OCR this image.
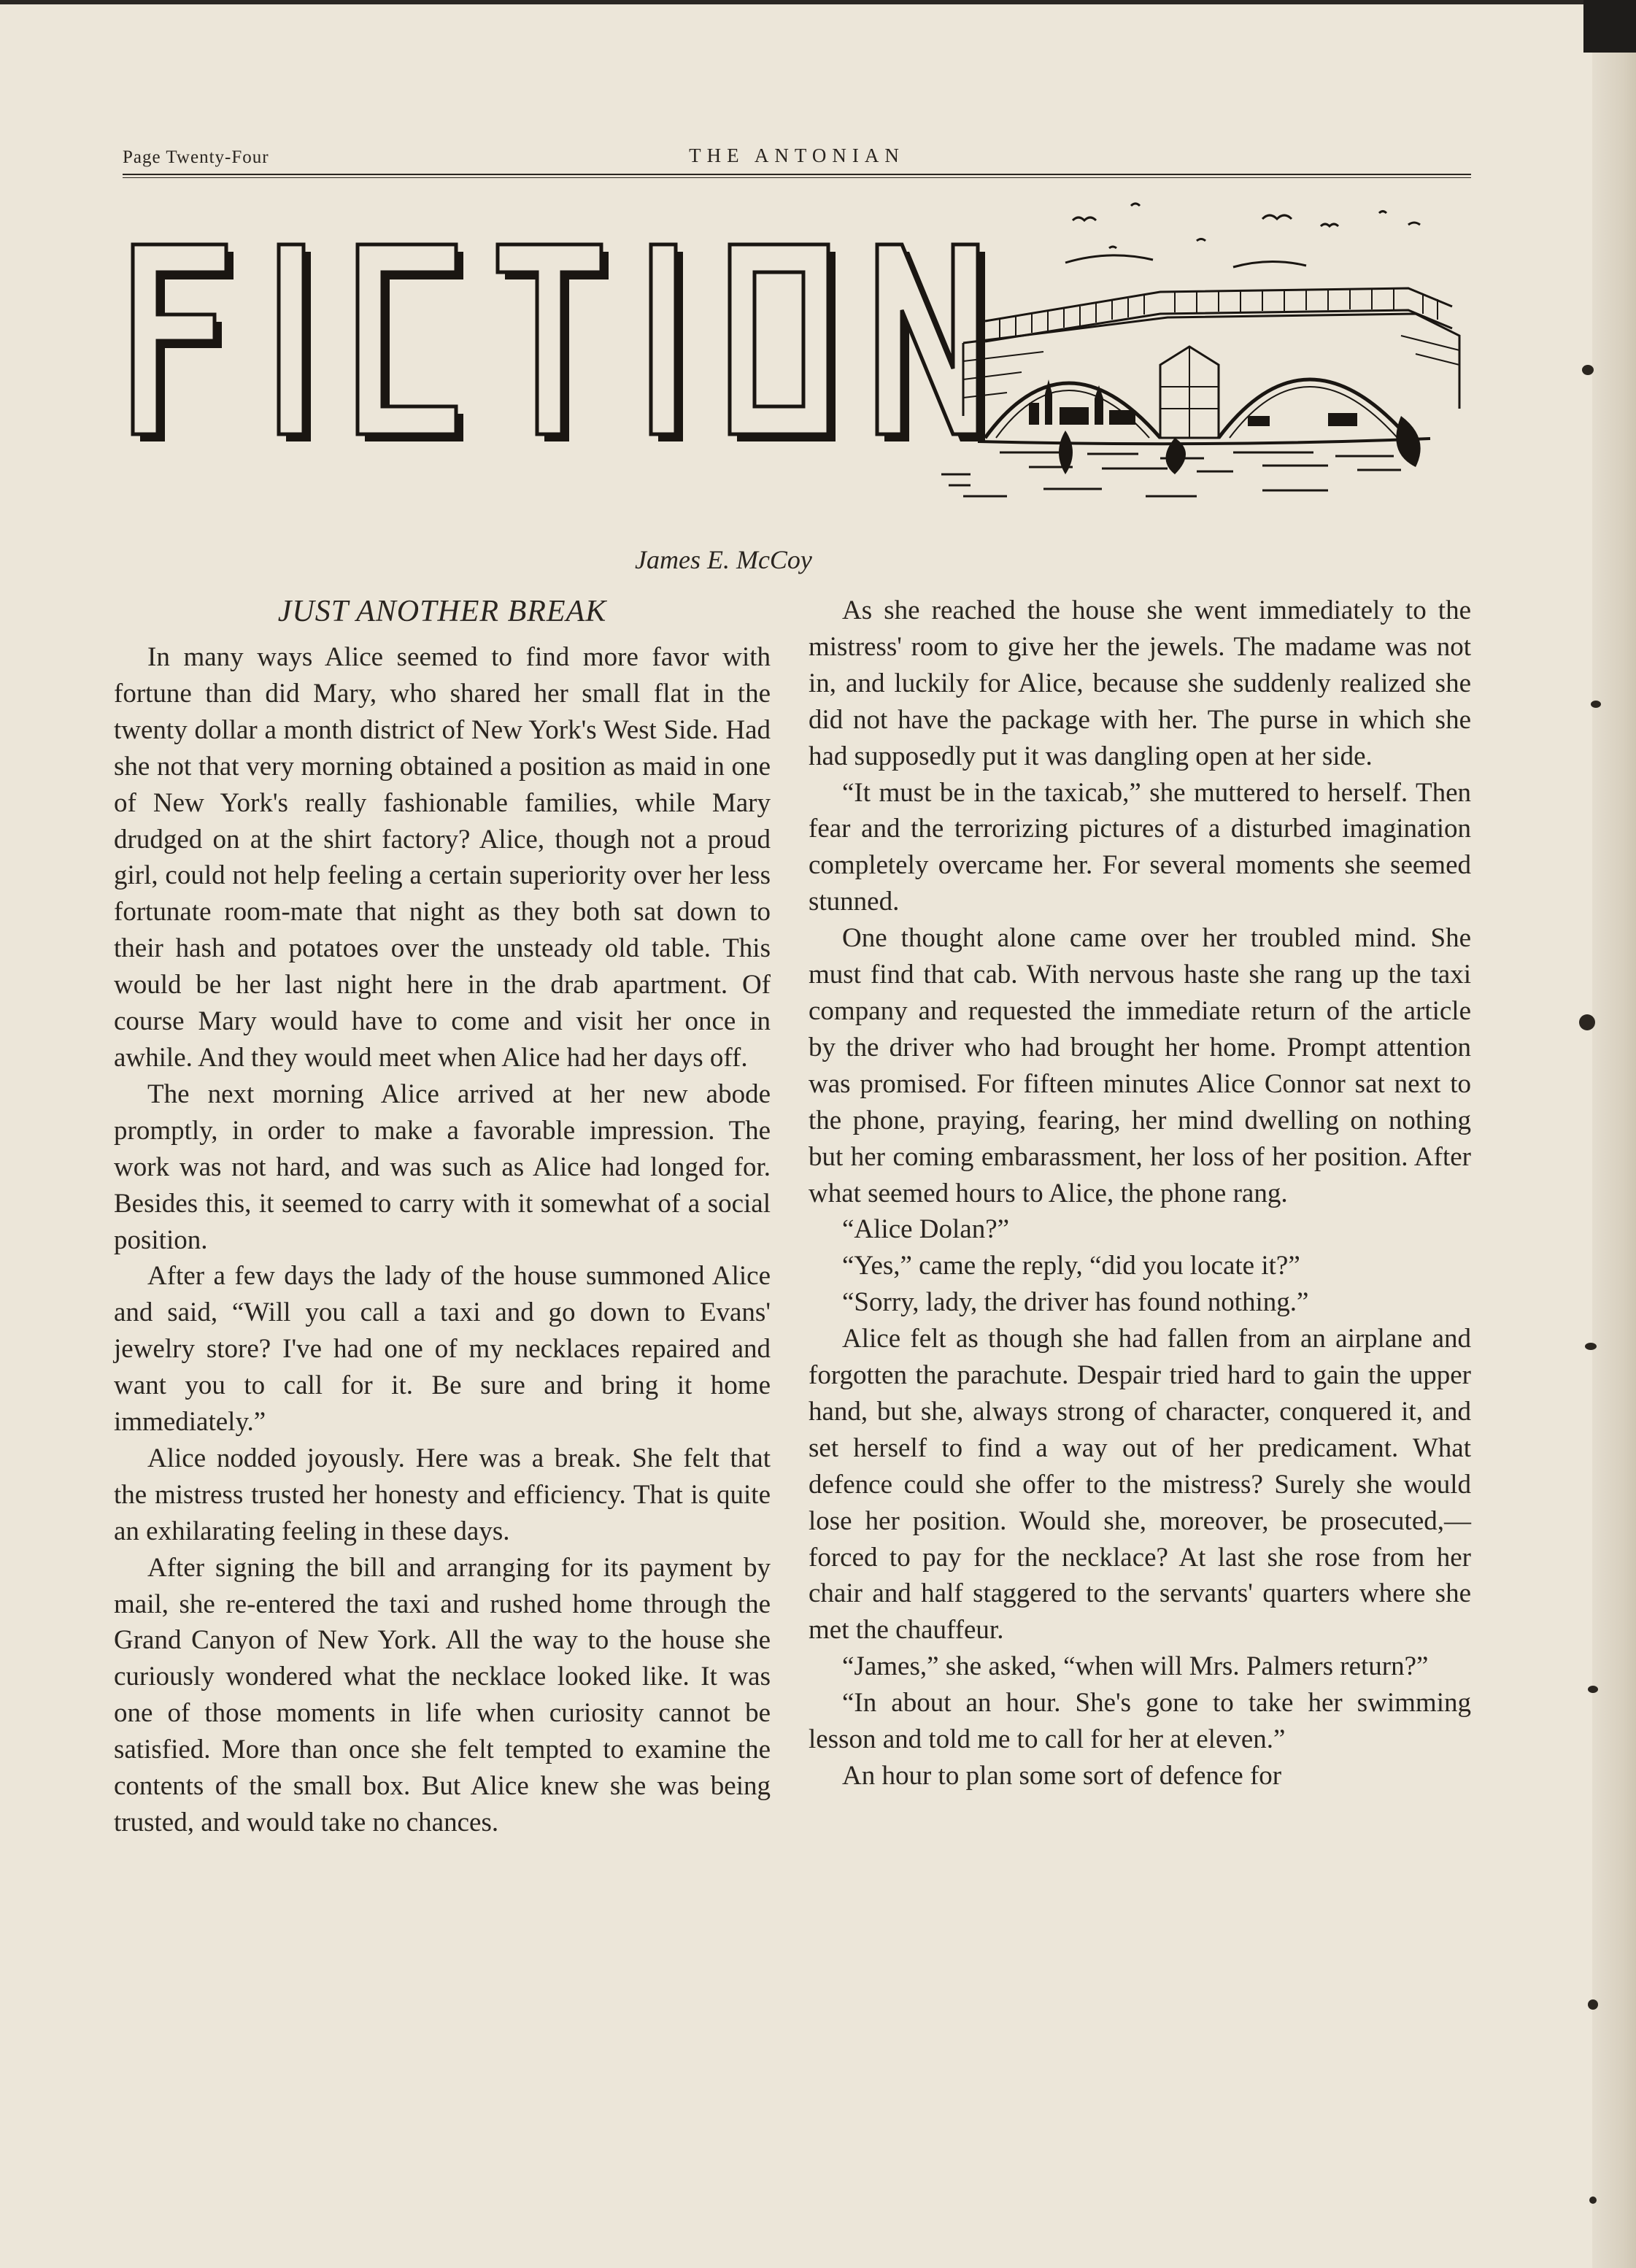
Page Twenty-Four	THE ANTONIAN
James E. McCoy
JUST ANOTHER BREAK

In many ways Alice seemed to find more favor with fortune than did Mary, who shared her small flat in the twenty dollar a month district of New York's West Side. Had she not that very morning obtained a position as maid in one of New York's really fashionable families, while Mary drudged on at the shirt factory? Alice, though not a proud girl, could not help feeling a certain superiority over her less fortunate room-mate that night as they both sat down to their hash and potatoes over the unsteady old table. This would be her last night here in the drab apartment. Of course Mary would have to come and visit her once in awhile. And they would meet when Alice had her days off.

The next morning Alice arrived at her new abode promptly, in order to make a favorable impression. The work was not hard, and was such as Alice had longed for. Besides this, it seemed to carry with it somewhat of a social position.

After a few days the lady of the house summoned Alice and said, “Will you call a taxi and go down to Evans' jewelry store? I've had one of my necklaces repaired and want you to call for it. Be sure and bring it home immediately.”

Alice nodded joyously. Here was a break. She felt that the mistress trusted her honesty and efficiency. That is quite an exhilarating feeling in these days.

After signing the bill and arranging for its payment by mail, she re-entered the taxi and rushed home through the Grand Canyon of New York. All the way to the house she curiously wondered what the necklace looked like. It was one of those moments in life when curiosity cannot be satisfied. More than once she felt tempted to examine the contents of the small box. But Alice knew she was being trusted, and would take no chances.

As she reached the house she went immediately to the mistress' room to give her the jewels. The madame was not in, and luckily for Alice, because she suddenly realized she did not have the package with her. The purse in which she had supposedly put it was dangling open at her side.

“It must be in the taxicab,” she muttered to herself. Then fear and the terrorizing pictures of a disturbed imagination completely overcame her. For several moments she seemed stunned.

One thought alone came over her troubled mind. She must find that cab. With nervous haste she rang up the taxi company and requested the immediate return of the article by the driver who had brought her home. Prompt attention was promised. For fifteen minutes Alice Connor sat next to the phone, praying, fearing, her mind dwelling on nothing but her coming embarassment, her loss of her position. After what seemed hours to Alice, the phone rang.

“Alice Dolan?”

“Yes,” came the reply, “did you locate it?”

“Sorry, lady, the driver has found nothing.”

Alice felt as though she had fallen from an airplane and forgotten the parachute. Despair tried hard to gain the upper hand, but she, always strong of character, conquered it, and set herself to find a way out of her predicament. What defence could she offer to the mistress? Surely she would lose her position. Would she, moreover, be prosecuted,—forced to pay for the necklace? At last she rose from her chair and half staggered to the servants' quarters where she met the chauffeur.

“James,” she asked, “when will Mrs. Palmers return?”

“In about an hour. She's gone to take her swimming lesson and told me to call for her at eleven.”

An hour to plan some sort of defence for
